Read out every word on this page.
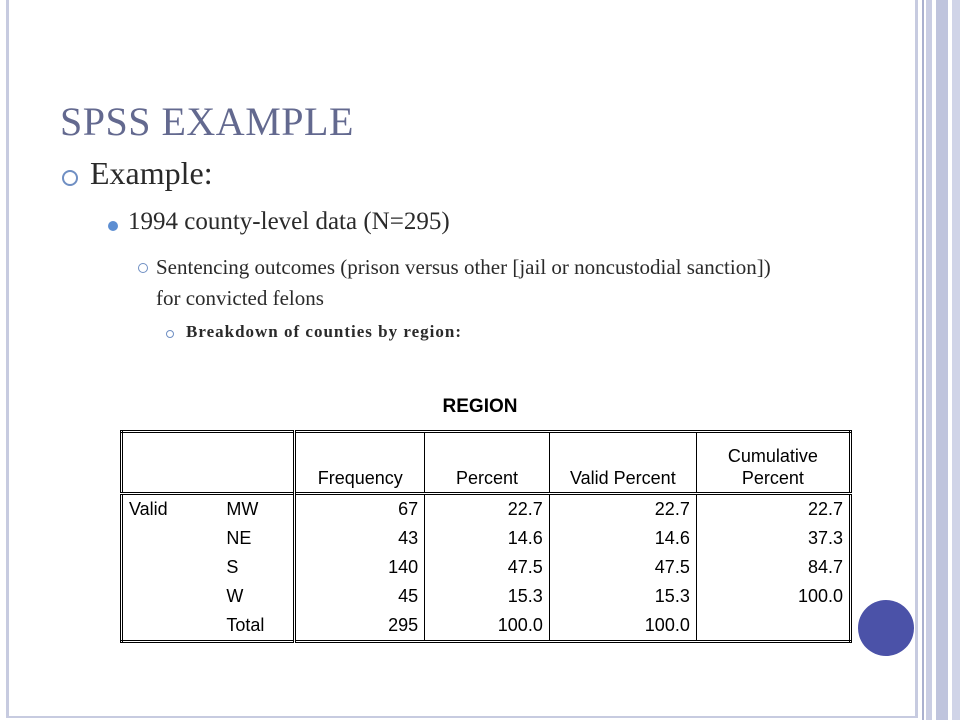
SPSS EXAMPLE
Example:
1994 county-level data (N=295)
Sentencing outcomes (prison versus other [jail or noncustodial sanction]) for convicted felons
Breakdown of counties by region:
REGION
		Frequency	Percent	Valid Percent	Cumulative
Percent

Valid	MW	67	22.7	22.7	22.7
	NE	43	14.6	14.6	37.3
	S	140	47.5	47.5	84.7
	W	45	15.3	15.3	100.0
	Total	295	100.0	100.0	
